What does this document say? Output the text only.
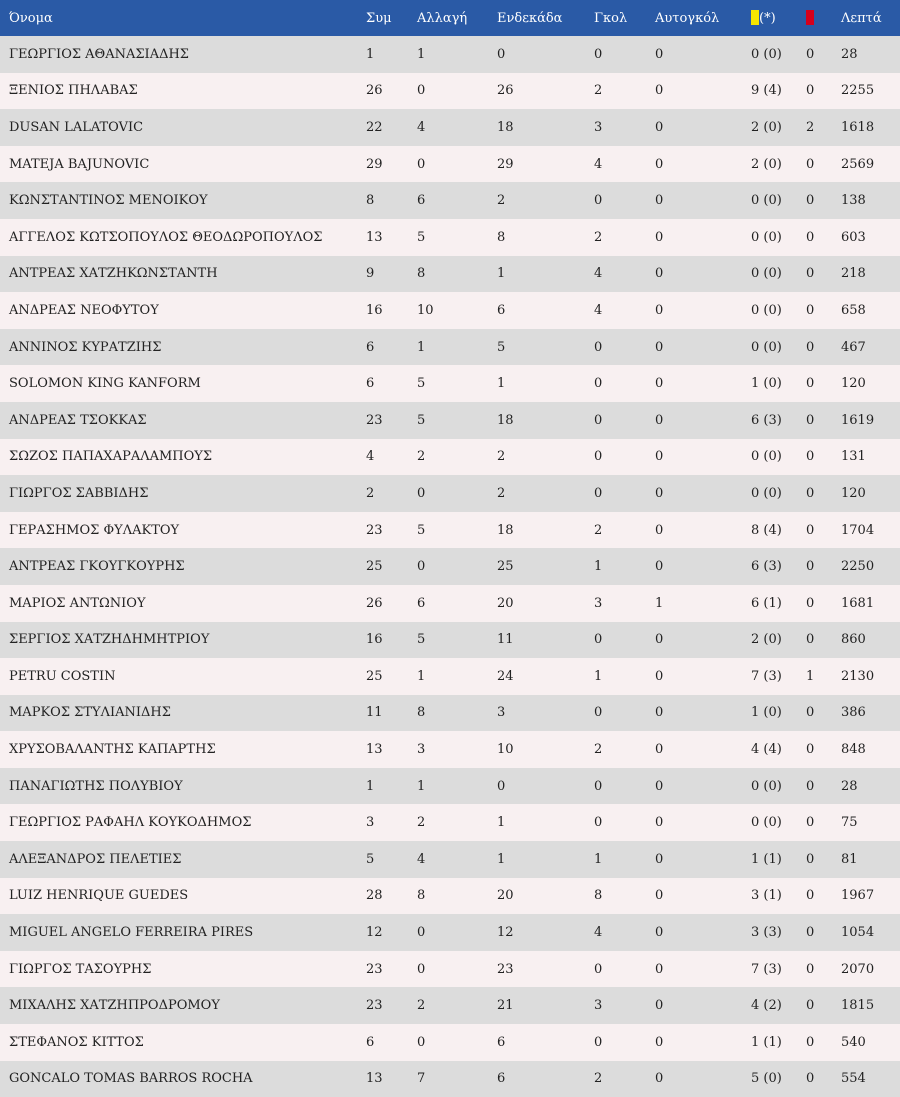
Όνομα	Συμ	Αλλαγή	Ενδεκάδα	Γκολ	Αυτογκόλ	(*)		Λεπτά
ΓΕΩΡΓΙΟΣ ΑΘΑΝΑΣΙΑΔΗΣ	1	1	0	0	0	0 (0)	0	28
ΞΕΝΙΟΣ ΠΗΛΑΒΑΣ	26	0	26	2	0	9 (4)	0	2255
DUSAN LALATOVIC	22	4	18	3	0	2 (0)	2	1618
MATEJA BAJUNOVIC	29	0	29	4	0	2 (0)	0	2569
ΚΩΝΣΤΑΝΤΙΝΟΣ ΜΕΝΟΙΚΟΥ	8	6	2	0	0	0 (0)	0	138
ΑΓΓΕΛΟΣ ΚΩΤΣΟΠΟΥΛΟΣ ΘΕΟΔΩΡΟΠΟΥΛΟΣ	13	5	8	2	0	0 (0)	0	603
ΑΝΤΡΕΑΣ ΧΑΤΖΗΚΩΝΣΤΑΝΤΗ	9	8	1	4	0	0 (0)	0	218
ΑΝΔΡΕΑΣ ΝΕΟΦΥΤΟΥ	16	10	6	4	0	0 (0)	0	658
ΑΝΝΙΝΟΣ ΚΥΡΑΤΖΙΗΣ	6	1	5	0	0	0 (0)	0	467
SOLOMON KING KANFORM	6	5	1	0	0	1 (0)	0	120
ΑΝΔΡΕΑΣ ΤΣΟΚΚΑΣ	23	5	18	0	0	6 (3)	0	1619
ΣΩΖΟΣ ΠΑΠΑΧΑΡΑΛΑΜΠΟΥΣ	4	2	2	0	0	0 (0)	0	131
ΓΙΩΡΓΟΣ ΣΑΒΒΙΔΗΣ	2	0	2	0	0	0 (0)	0	120
ΓΕΡΑΣΗΜΟΣ ΦΥΛΑΚΤΟΥ	23	5	18	2	0	8 (4)	0	1704
ΑΝΤΡΕΑΣ ΓΚΟΥΓΚΟΥΡΗΣ	25	0	25	1	0	6 (3)	0	2250
ΜΑΡΙΟΣ ΑΝΤΩΝΙΟΥ	26	6	20	3	1	6 (1)	0	1681
ΣΕΡΓΙΟΣ ΧΑΤΖΗΔΗΜΗΤΡΙΟΥ	16	5	11	0	0	2 (0)	0	860
PETRU COSTIN	25	1	24	1	0	7 (3)	1	2130
ΜΑΡΚΟΣ ΣΤΥΛΙΑΝΙΔΗΣ	11	8	3	0	0	1 (0)	0	386
ΧΡΥΣΟΒΑΛΑΝΤΗΣ ΚΑΠΑΡΤΗΣ	13	3	10	2	0	4 (4)	0	848
ΠΑΝΑΓΙΩΤΗΣ ΠΟΛΥΒΙΟΥ	1	1	0	0	0	0 (0)	0	28
ΓΕΩΡΓΙΟΣ ΡΑΦΑΗΛ ΚΟΥΚΟΔΗΜΟΣ	3	2	1	0	0	0 (0)	0	75
ΑΛΕΞΑΝΔΡΟΣ ΠΕΛΕΤΙΕΣ	5	4	1	1	0	1 (1)	0	81
LUIZ HENRIQUE GUEDES	28	8	20	8	0	3 (1)	0	1967
MIGUEL ANGELO FERREIRA PIRES	12	0	12	4	0	3 (3)	0	1054
ΓΙΩΡΓΟΣ ΤΑΣΟΥΡΗΣ	23	0	23	0	0	7 (3)	0	2070
ΜΙΧΑΛΗΣ ΧΑΤΖΗΠΡΟΔΡΟΜΟΥ	23	2	21	3	0	4 (2)	0	1815
ΣΤΕΦΑΝΟΣ ΚΙΤΤΟΣ	6	0	6	0	0	1 (1)	0	540
GONCALO TOMAS BARROS ROCHA	13	7	6	2	0	5 (0)	0	554
